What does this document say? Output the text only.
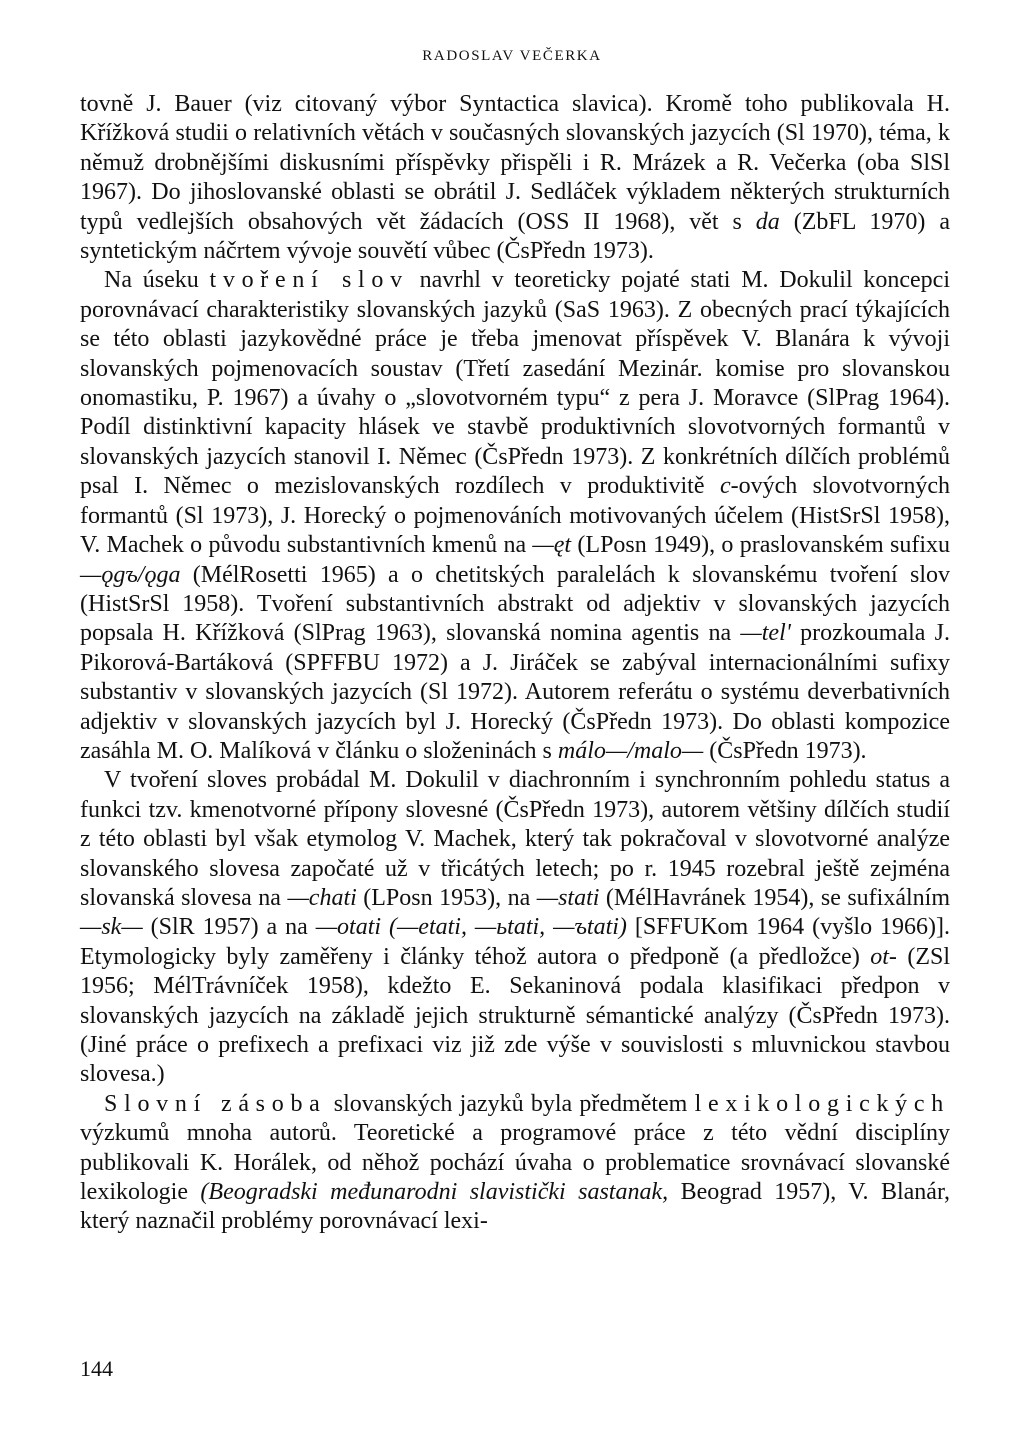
RADOSLAV VEČERKA

tovně J. Bauer (viz citovaný výbor Syntactica slavica). Kromě toho publikovala H. Křížková studii o relativních větách v současných slovanských jazycích (Sl 1970), téma, k němuž drobnějšími diskusními příspěvky přispěli i R. Mrázek a R. Večerka (oba SlSl 1967). Do jihoslovanské oblasti se obrátil J. Sedláček výkladem některých strukturních typů vedlejších obsahových vět žádacích (OSS II 1968), vět s da (ZbFL 1970) a syntetickým náčrtem vývoje souvětí vůbec (ČsPředn 1973).

Na úseku tvoření slov navrhl v teoreticky pojaté stati M. Dokulil koncepci porovnávací charakteristiky slovanských jazyků (SaS 1963). Z obecných prací týkajících se této oblasti jazykovědné práce je třeba jmenovat příspěvek V. Blanára k vývoji slovanských pojmenovacích soustav (Třetí zasedání Mezinár. komise pro slovanskou onomastiku, P. 1967) a úvahy o „slovotvorném typu“ z pera J. Moravce (SlPrag 1964). Podíl distinktivní kapacity hlásek ve stavbě produktivních slovotvorných formantů v slovanských jazycích stanovil I. Němec (ČsPředn 1973). Z konkrétních dílčích problémů psal I. Němec o mezislovanských rozdílech v produktivitě c-ových slovotvorných formantů (Sl 1973), J. Horecký o pojmenováních motivovaných účelem (HistSrSl 1958), V. Machek o původu substantivních kmenů na —ęt (LPosn 1949), o praslovanském sufixu —ǫgъ/ǫga (MélRosetti 1965) a o chetitských paralelách k slovanskému tvoření slov (HistSrSl 1958). Tvoření substantivních abstrakt od adjektiv v slovanských jazycích popsala H. Křížková (SlPrag 1963), slovanská nomina agentis na —tel' prozkoumala J. Pikorová-Bartáková (SPFFBU 1972) a J. Jiráček se zabýval internacionálními sufixy substantiv v slovanských jazycích (Sl 1972). Autorem referátu o systému deverbativních adjektiv v slovanských jazycích byl J. Horecký (ČsPředn 1973). Do oblasti kompozice zasáhla M. O. Malíková v článku o složeninách s málo—/malo— (ČsPředn 1973).

V tvoření sloves probádal M. Dokulil v diachronním i synchronním pohledu status a funkci tzv. kmenotvorné přípony slovesné (ČsPředn 1973), autorem většiny dílčích studií z této oblasti byl však etymolog V. Machek, který tak pokračoval v slovotvorné analýze slovanského slovesa započaté už v třicátých letech; po r. 1945 rozebral ještě zejména slovanská slovesa na —chati (LPosn 1953), na —stati (MélHavránek 1954), se sufixálním —sk— (SlR 1957) a na —otati (—etati, —ьtati, —ъtati) [SFFUKom 1964 (vyšlo 1966)]. Etymologicky byly zaměřeny i články téhož autora o předponě (a předložce) ot- (ZSl 1956; MélTrávníček 1958), kdežto E. Sekaninová podala klasifikaci předpon v slovanských jazycích na základě jejich strukturně sémantické analýzy (ČsPředn 1973). (Jiné práce o prefixech a prefixaci viz již zde výše v souvislosti s mluvnickou stavbou slovesa.)

Slovní zásoba slovanských jazyků byla předmětem lexikologických výzkumů mnoha autorů. Teoretické a programové práce z této vědní disciplíny publikovali K. Horálek, od něhož pochází úvaha o problematice srovnávací slovanské lexikologie (Beogradski međunarodni slavistički sastanak, Beograd 1957), V. Blanár, který naznačil problémy porovnávací lexi-

144
